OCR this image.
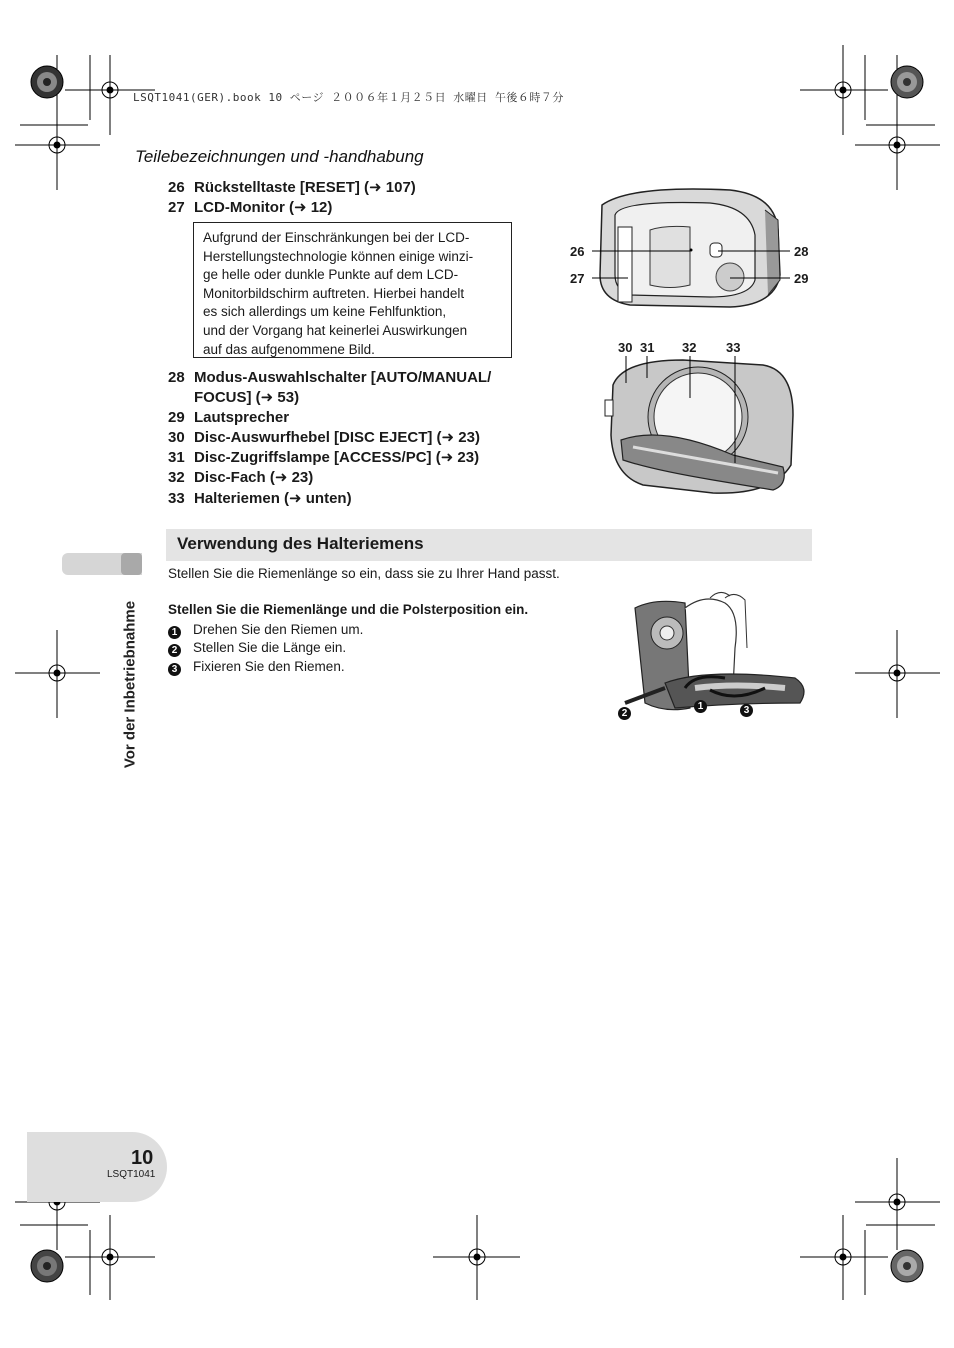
LSQT1041(GER).book 10 ページ ２００６年１月２５日 水曜日 午後６時７分
Teilebezeichnungen und -handhabung
26 Rückstelltaste [RESET] (➜ 107)
27 LCD-Monitor (➜ 12)
Aufgrund der Einschränkungen bei der LCD-
Herstellungstechnologie können einige winzi-
ge helle oder dunkle Punkte auf dem LCD-
Monitorbildschirm auftreten. Hierbei handelt
es sich allerdings um keine Fehlfunktion,
und der Vorgang hat keinerlei Auswirkungen
auf das aufgenommene Bild.
28 Modus-Auswahlschalter [AUTO/MANUAL/
FOCUS] (➜ 53)
29 Lautsprecher
30 Disc-Auswurfhebel [DISC EJECT] (➜ 23)
31 Disc-Zugriffslampe [ACCESS/PC] (➜ 23)
32 Disc-Fach (➜ 23)
33 Halteriemen (➜ unten)
26
27
28
29
30 31 32 33
Verwendung des Halteriemens
Stellen Sie die Riemenlänge so ein, dass sie zu Ihrer Hand passt.
Stellen Sie die Riemenlänge und die Polsterposition ein.
1 Drehen Sie den Riemen um.
2 Stellen Sie die Länge ein.
3 Fixieren Sie den Riemen.
2
1	3
Vor der Inbetriebnahme
10
LSQT1041
